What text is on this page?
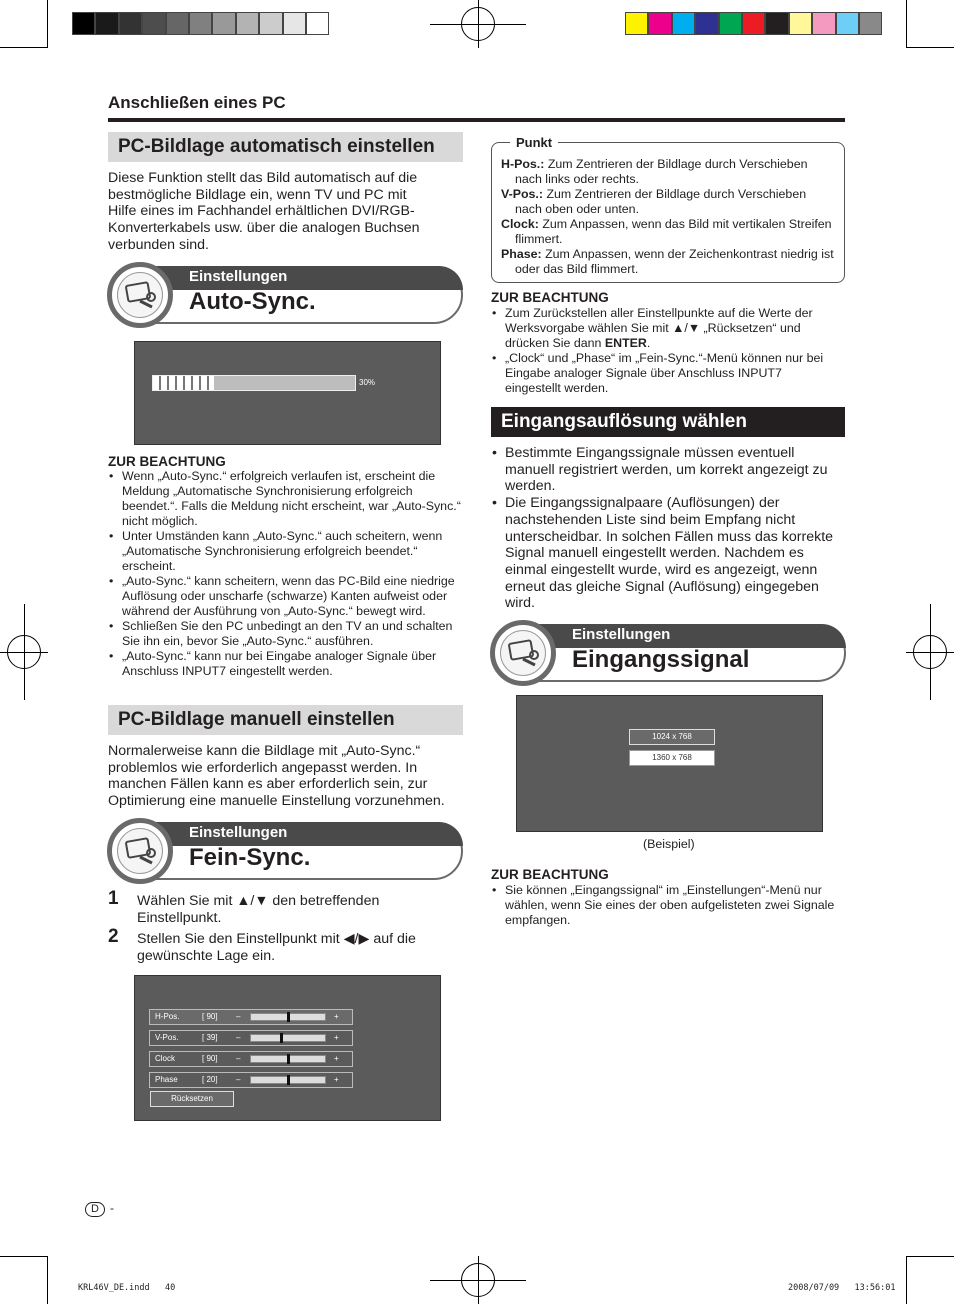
Anschließen eines PC
PC-Bildlage automatisch einstellen
Diese Funktion stellt das Bild automatisch auf die bestmögliche Bildlage ein, wenn TV und PC mit Hilfe eines im Fachhandel erhältlichen DVI/RGB-Konverterkabels usw. über die analogen Buchsen verbunden sind.
Einstellungen
Auto-Sync.
30%
ZUR BEACHTUNG
• Wenn „Auto-Sync.“ erfolgreich verlaufen ist, erscheint die Meldung „Automatische Synchronisierung erfolgreich beendet.“. Falls die Meldung nicht erscheint, war „Auto-Sync.“ nicht möglich.
• Unter Umständen kann „Auto-Sync.“ auch scheitern, wenn „Automatische Synchronisierung erfolgreich beendet.“ erscheint.
• „Auto-Sync.“ kann scheitern, wenn das PC-Bild eine niedrige Auflösung oder unscharfe (schwarze) Kanten aufweist oder während der Ausführung von „Auto-Sync.“ bewegt wird.
• Schließen Sie den PC unbedingt an den TV an und schalten Sie ihn ein, bevor Sie „Auto-Sync.“ ausführen.
• „Auto-Sync.“ kann nur bei Eingabe analoger Signale über Anschluss INPUT7 eingestellt werden.
PC-Bildlage manuell einstellen
Normalerweise kann die Bildlage mit „Auto-Sync.“ problemlos wie erforderlich angepasst werden. In manchen Fällen kann es aber erforderlich sein, zur Optimierung eine manuelle Einstellung vorzunehmen.
Einstellungen
Fein-Sync.
1 Wählen Sie mit ▲/▼ den betreffenden Einstellpunkt.
2 Stellen Sie den Einstellpunkt mit ◀/▶ auf die gewünschte Lage ein.
H-Pos.	[ 90] –	+
V-Pos.	[ 39] –	+
Clock	[ 90] –	+
Phase	[ 20] –	+
Rücksetzen
D -
KRL46V_DE.indd   40	2008/07/09   13:56:01
Punkt
H-Pos.: Zum Zentrieren der Bildlage durch Verschieben nach links oder rechts.
V-Pos.: Zum Zentrieren der Bildlage durch Verschieben nach oben oder unten.
Clock: Zum Anpassen, wenn das Bild mit vertikalen Streifen flimmert.
Phase: Zum Anpassen, wenn der Zeichenkontrast niedrig ist oder das Bild flimmert.
ZUR BEACHTUNG
• Zum Zurückstellen aller Einstellpunkte auf die Werte der Werksvorgabe wählen Sie mit ▲/▼ „Rücksetzen“ und drücken Sie dann ENTER.
• „Clock“ und „Phase“ im „Fein-Sync.“-Menü können nur bei Eingabe analoger Signale über Anschluss INPUT7 eingestellt werden.
Eingangsauflösung wählen
• Bestimmte Eingangssignale müssen eventuell manuell registriert werden, um korrekt angezeigt zu werden.
• Die Eingangssignalpaare (Auflösungen) der nachstehenden Liste sind beim Empfang nicht unterscheidbar. In solchen Fällen muss das korrekte Signal manuell eingestellt werden. Nachdem es einmal eingestellt wurde, wird es angezeigt, wenn erneut das gleiche Signal (Auflösung) eingegeben wird.
Einstellungen
Eingangssignal
1024 x 768
1360 x 768
(Beispiel)
ZUR BEACHTUNG
• Sie können „Eingangssignal“ im „Einstellungen“-Menü nur wählen, wenn Sie eines der oben aufgelisteten zwei Signale empfangen.
